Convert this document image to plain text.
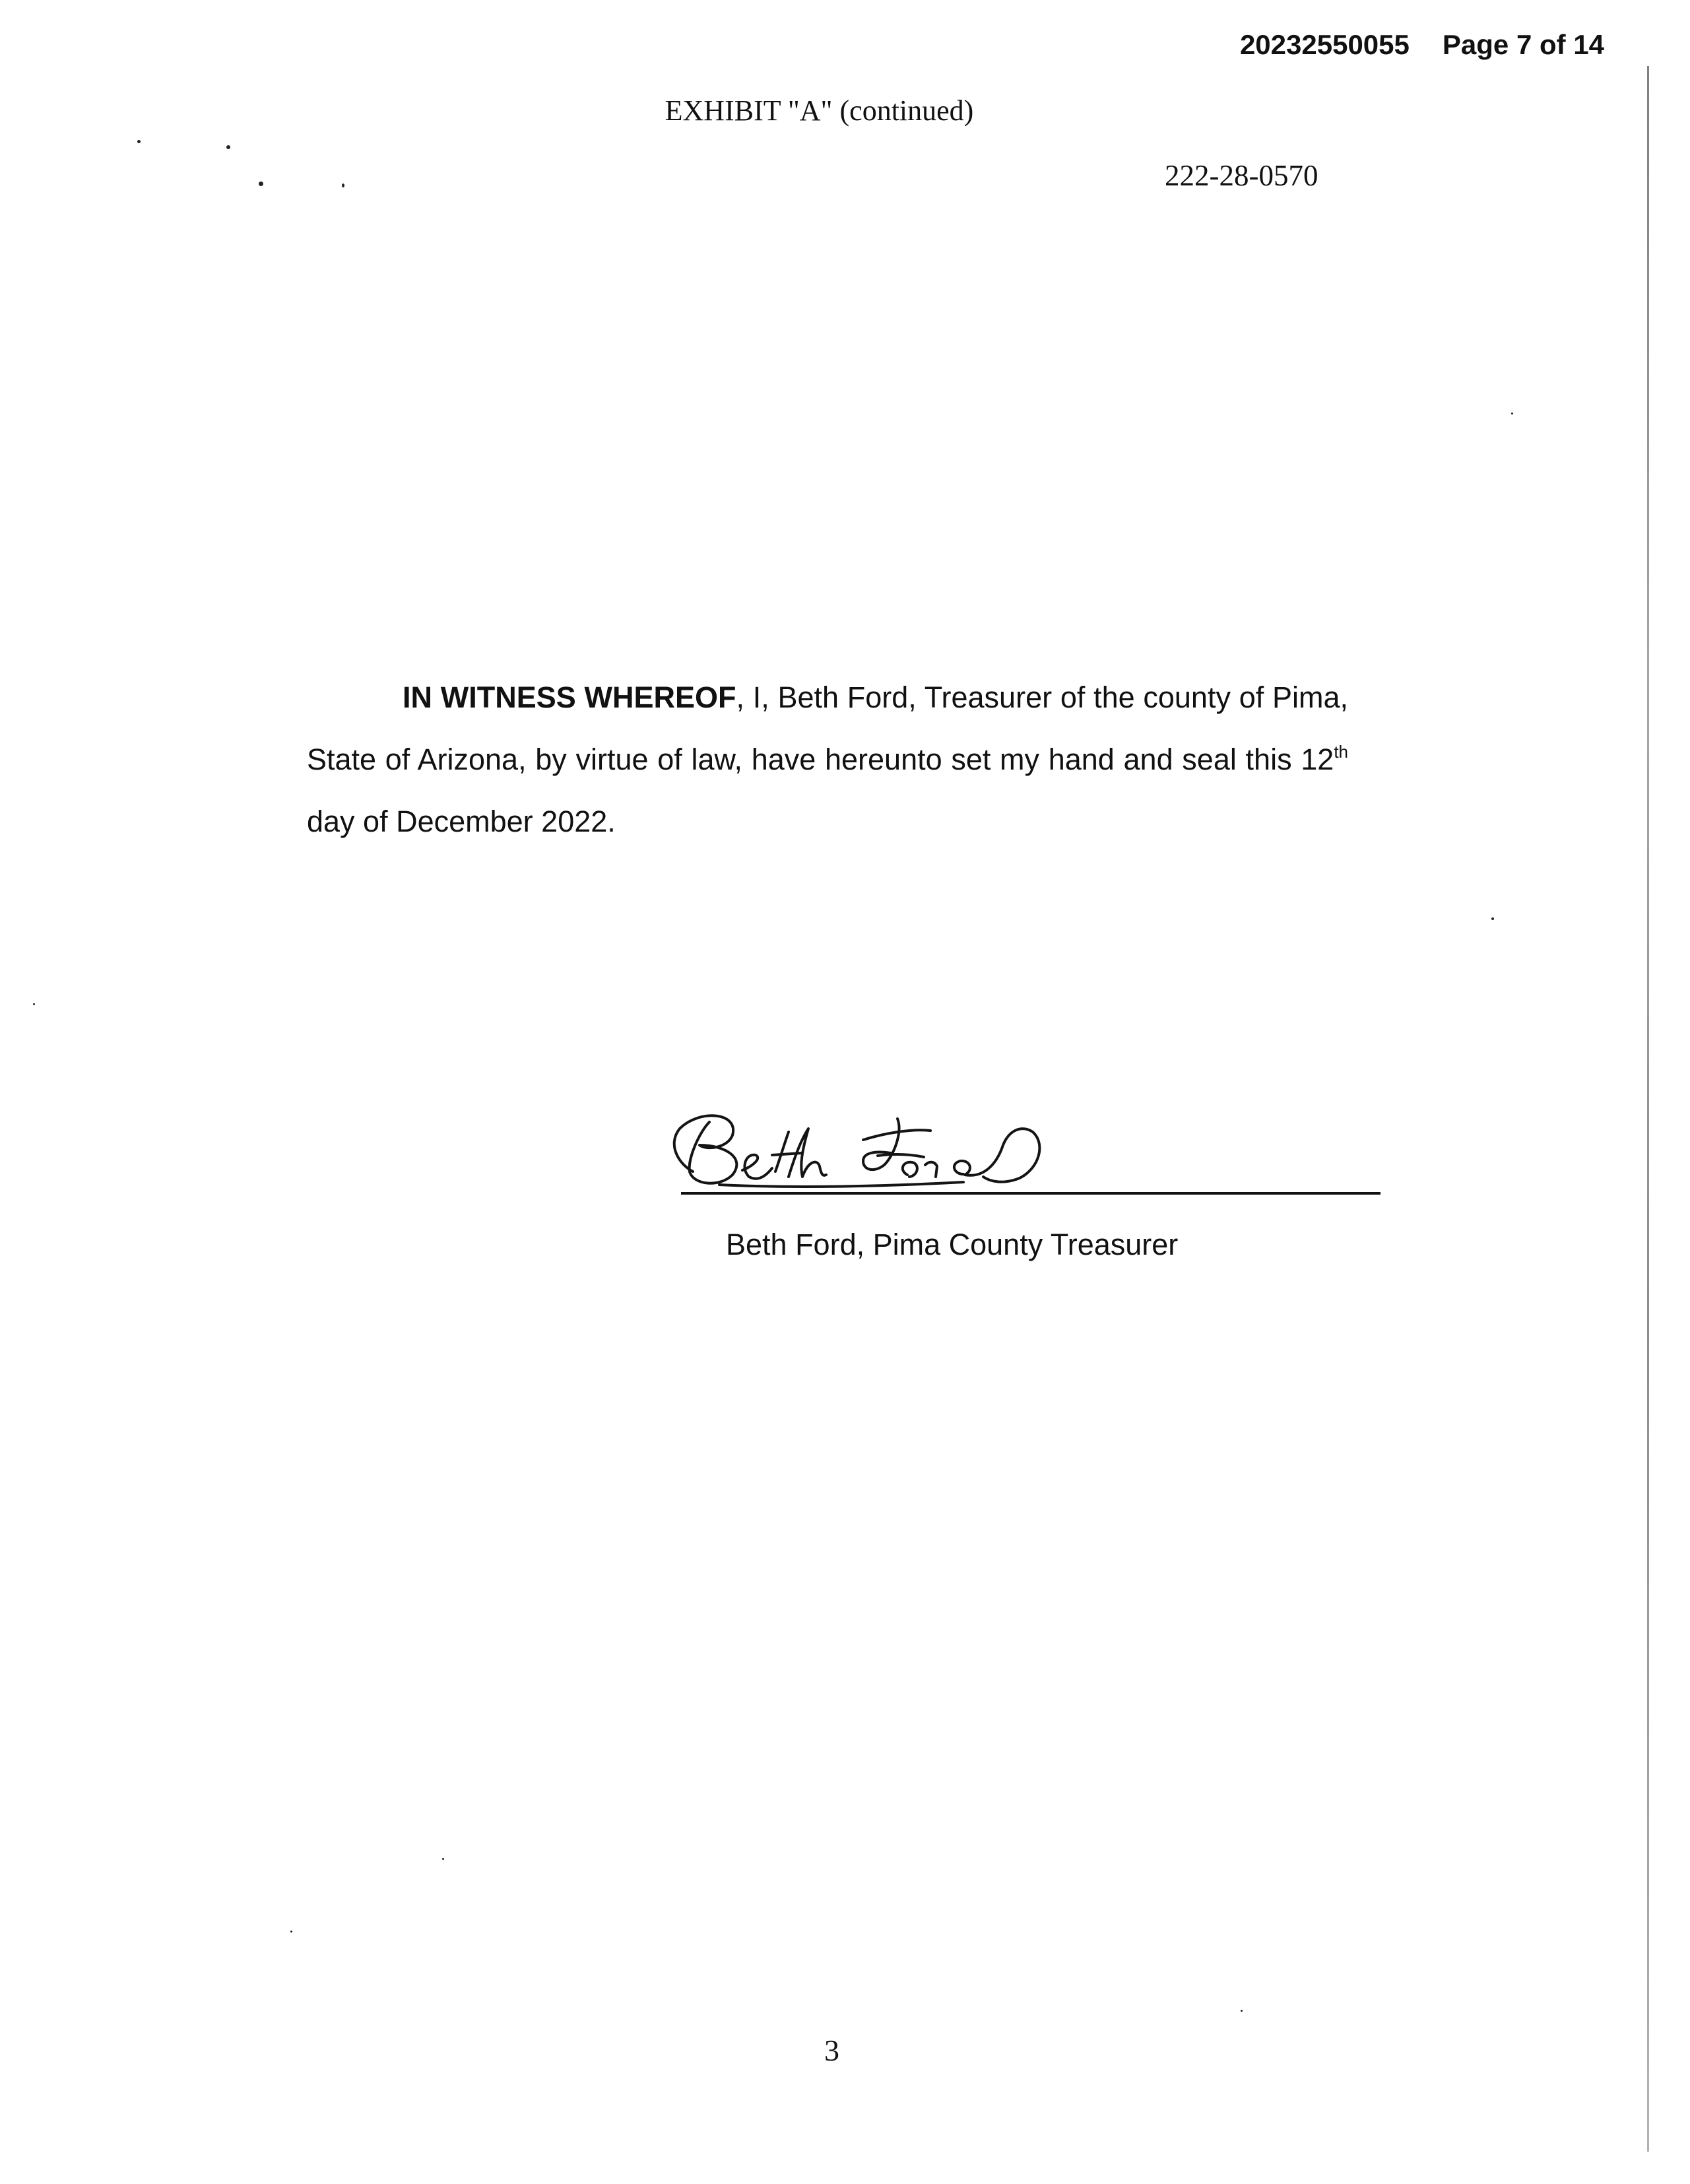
20232550055 Page 7 of 14
EXHIBIT "A" (continued)
222-28-0570
IN WITNESS WHEREOF, I, Beth Ford, Treasurer of the county of Pima, State of Arizona, by virtue of law, have hereunto set my hand and seal this 12th day of December 2022.
Beth Ford, Pima County Treasurer
3
